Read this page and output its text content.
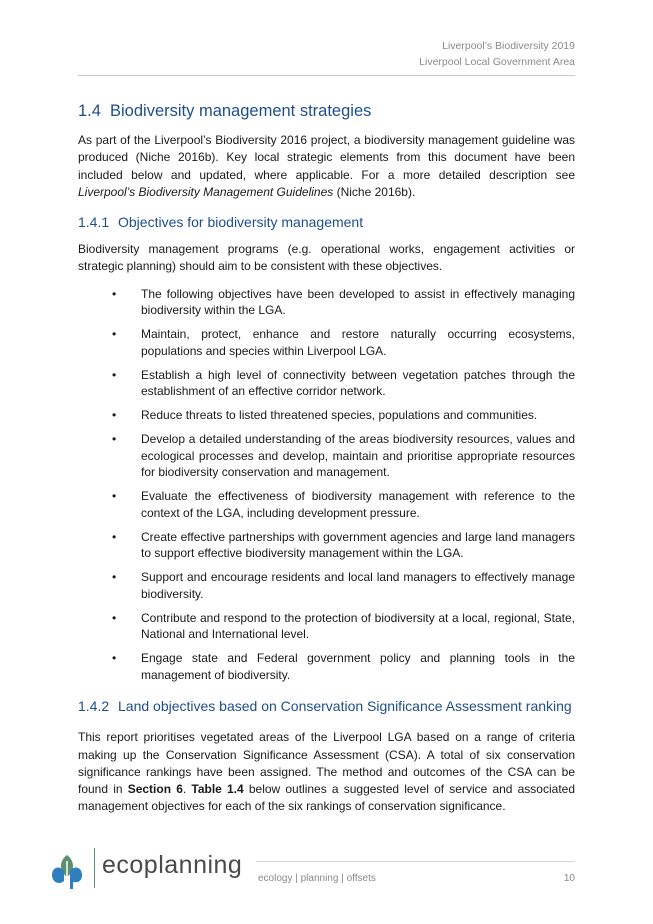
Liverpool’s Biodiversity 2019
Liverpool Local Government Area
1.4 Biodiversity management strategies

As part of the Liverpool’s Biodiversity 2016 project, a biodiversity management guideline was produced (Niche 2016b). Key local strategic elements from this document have been included below and updated, where applicable. For a more detailed description see Liverpool’s Biodiversity Management Guidelines (Niche 2016b).

1.4.1 Objectives for biodiversity management

Biodiversity management programs (e.g. operational works, engagement activities or strategic planning) should aim to be consistent with these objectives.

• The following objectives have been developed to assist in effectively managing biodiversity within the LGA.
• Maintain, protect, enhance and restore naturally occurring ecosystems, populations and species within Liverpool LGA.
• Establish a high level of connectivity between vegetation patches through the establishment of an effective corridor network.
• Reduce threats to listed threatened species, populations and communities.
• Develop a detailed understanding of the areas biodiversity resources, values and ecological processes and develop, maintain and prioritise appropriate resources for biodiversity conservation and management.
• Evaluate the effectiveness of biodiversity management with reference to the context of the LGA, including development pressure.
• Create effective partnerships with government agencies and large land managers to support effective biodiversity management within the LGA.
• Support and encourage residents and local land managers to effectively manage biodiversity.
• Contribute and respond to the protection of biodiversity at a local, regional, State, National and International level.
• Engage state and Federal government policy and planning tools in the management of biodiversity.
1.4.2 Land objectives based on Conservation Significance Assessment ranking

This report prioritises vegetated areas of the Liverpool LGA based on a range of criteria making up the Conservation Significance Assessment (CSA). A total of six conservation significance rankings have been assigned. The method and outcomes of the CSA can be found in Section 6. Table 1.4 below outlines a suggested level of service and associated management objectives for each of the six rankings of conservation significance.

ecoplanning ecology | planning | offsets	10
